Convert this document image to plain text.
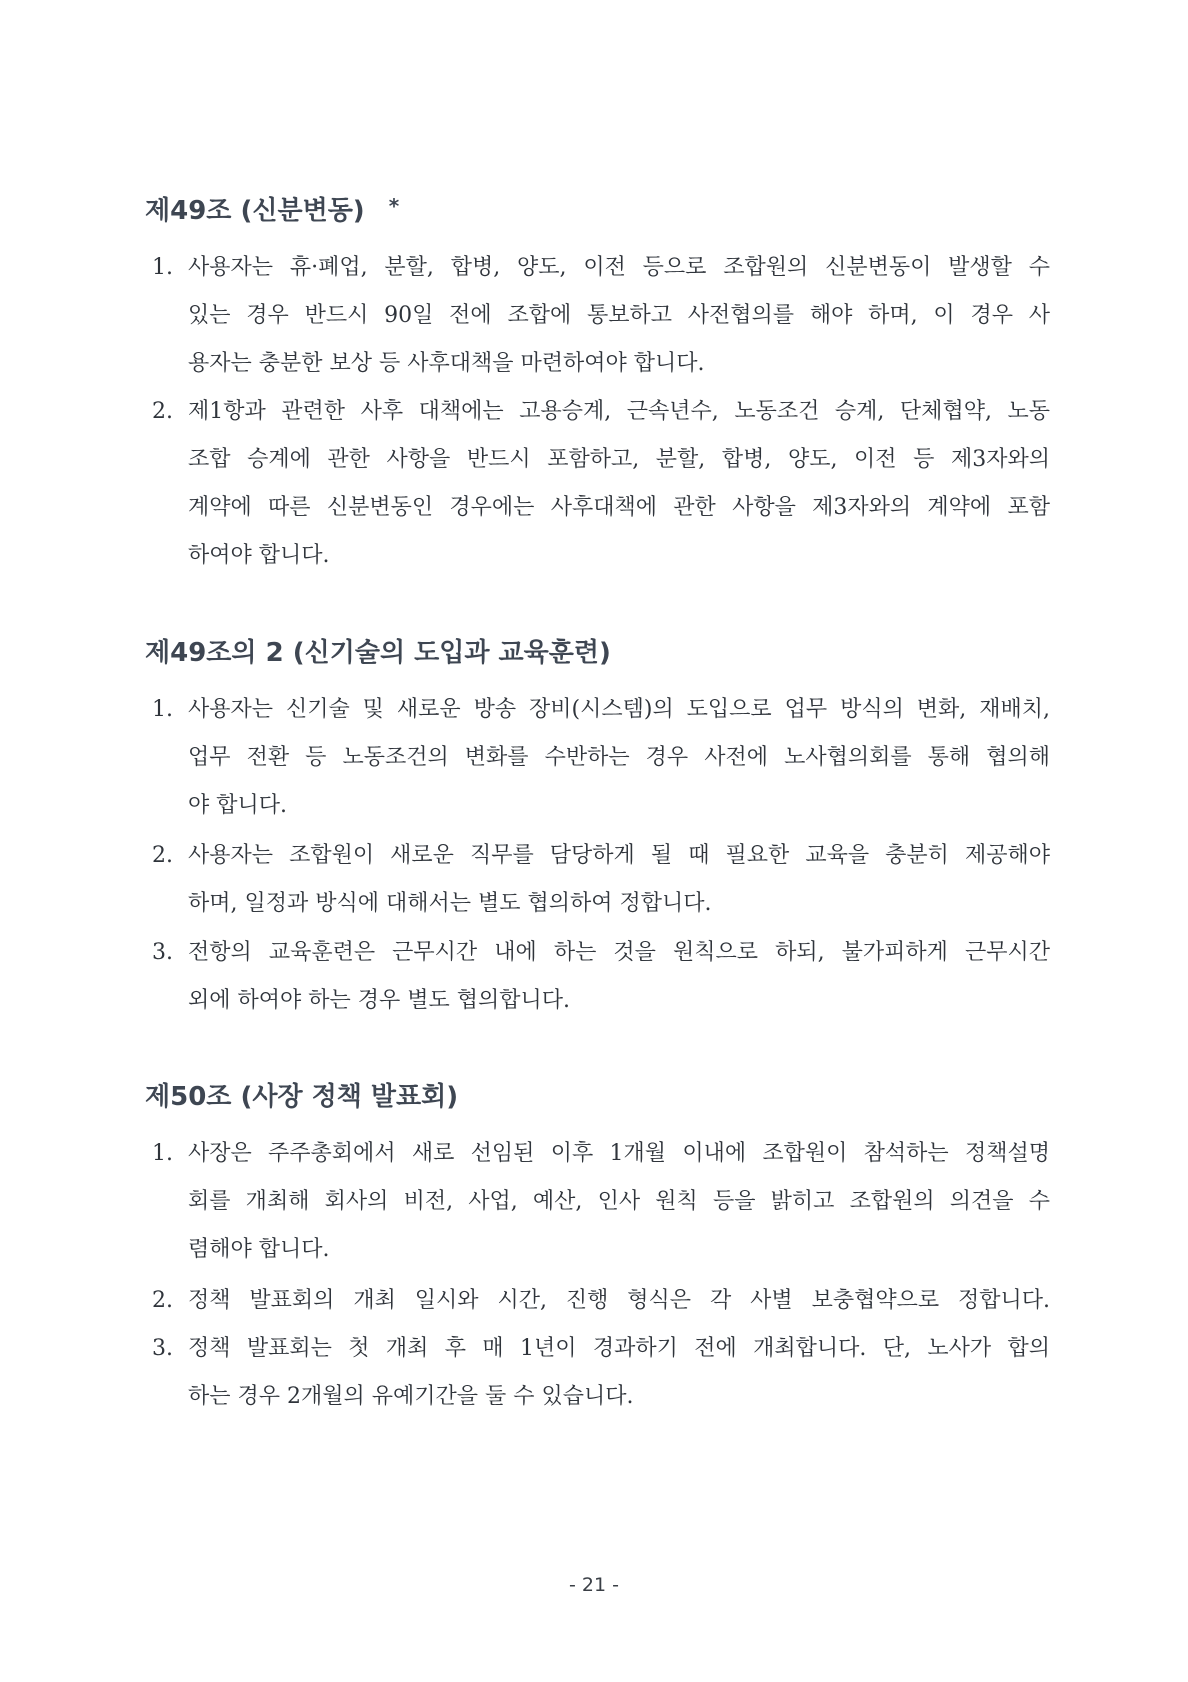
제49조 (신분변동) *
1. 사용자는 휴·폐업, 분할, 합병, 양도, 이전 등으로 조합원의 신분변동이 발생할 수
있는 경우 반드시 90일 전에 조합에 통보하고 사전협의를 해야 하며, 이 경우 사
용자는 충분한 보상 등 사후대책을 마련하여야 합니다.
2. 제1항과 관련한 사후 대책에는 고용승계, 근속년수, 노동조건 승계, 단체협약, 노동
조합 승계에 관한 사항을 반드시 포함하고, 분할, 합병, 양도, 이전 등 제3자와의
계약에 따른 신분변동인 경우에는 사후대책에 관한 사항을 제3자와의 계약에 포함
하여야 합니다.
제49조의 2 (신기술의 도입과 교육훈련)
1. 사용자는 신기술 및 새로운 방송 장비(시스템)의 도입으로 업무 방식의 변화, 재배치,
업무 전환 등 노동조건의 변화를 수반하는 경우 사전에 노사협의회를 통해 협의해
야 합니다.
2. 사용자는 조합원이 새로운 직무를 담당하게 될 때 필요한 교육을 충분히 제공해야
하며, 일정과 방식에 대해서는 별도 협의하여 정합니다.
3. 전항의 교육훈련은 근무시간 내에 하는 것을 원칙으로 하되, 불가피하게 근무시간
외에 하여야 하는 경우 별도 협의합니다.
제50조 (사장 정책 발표회)
1. 사장은 주주총회에서 새로 선임된 이후 1개월 이내에 조합원이 참석하는 정책설명
회를 개최해 회사의 비전, 사업, 예산, 인사 원칙 등을 밝히고 조합원의 의견을 수
렴해야 합니다.
2. 정책 발표회의 개최 일시와 시간, 진행 형식은 각 사별 보충협약으로 정합니다.
3. 정책 발표회는 첫 개최 후 매 1년이 경과하기 전에 개최합니다. 단, 노사가 합의
하는 경우 2개월의 유예기간을 둘 수 있습니다.
- 21 -
